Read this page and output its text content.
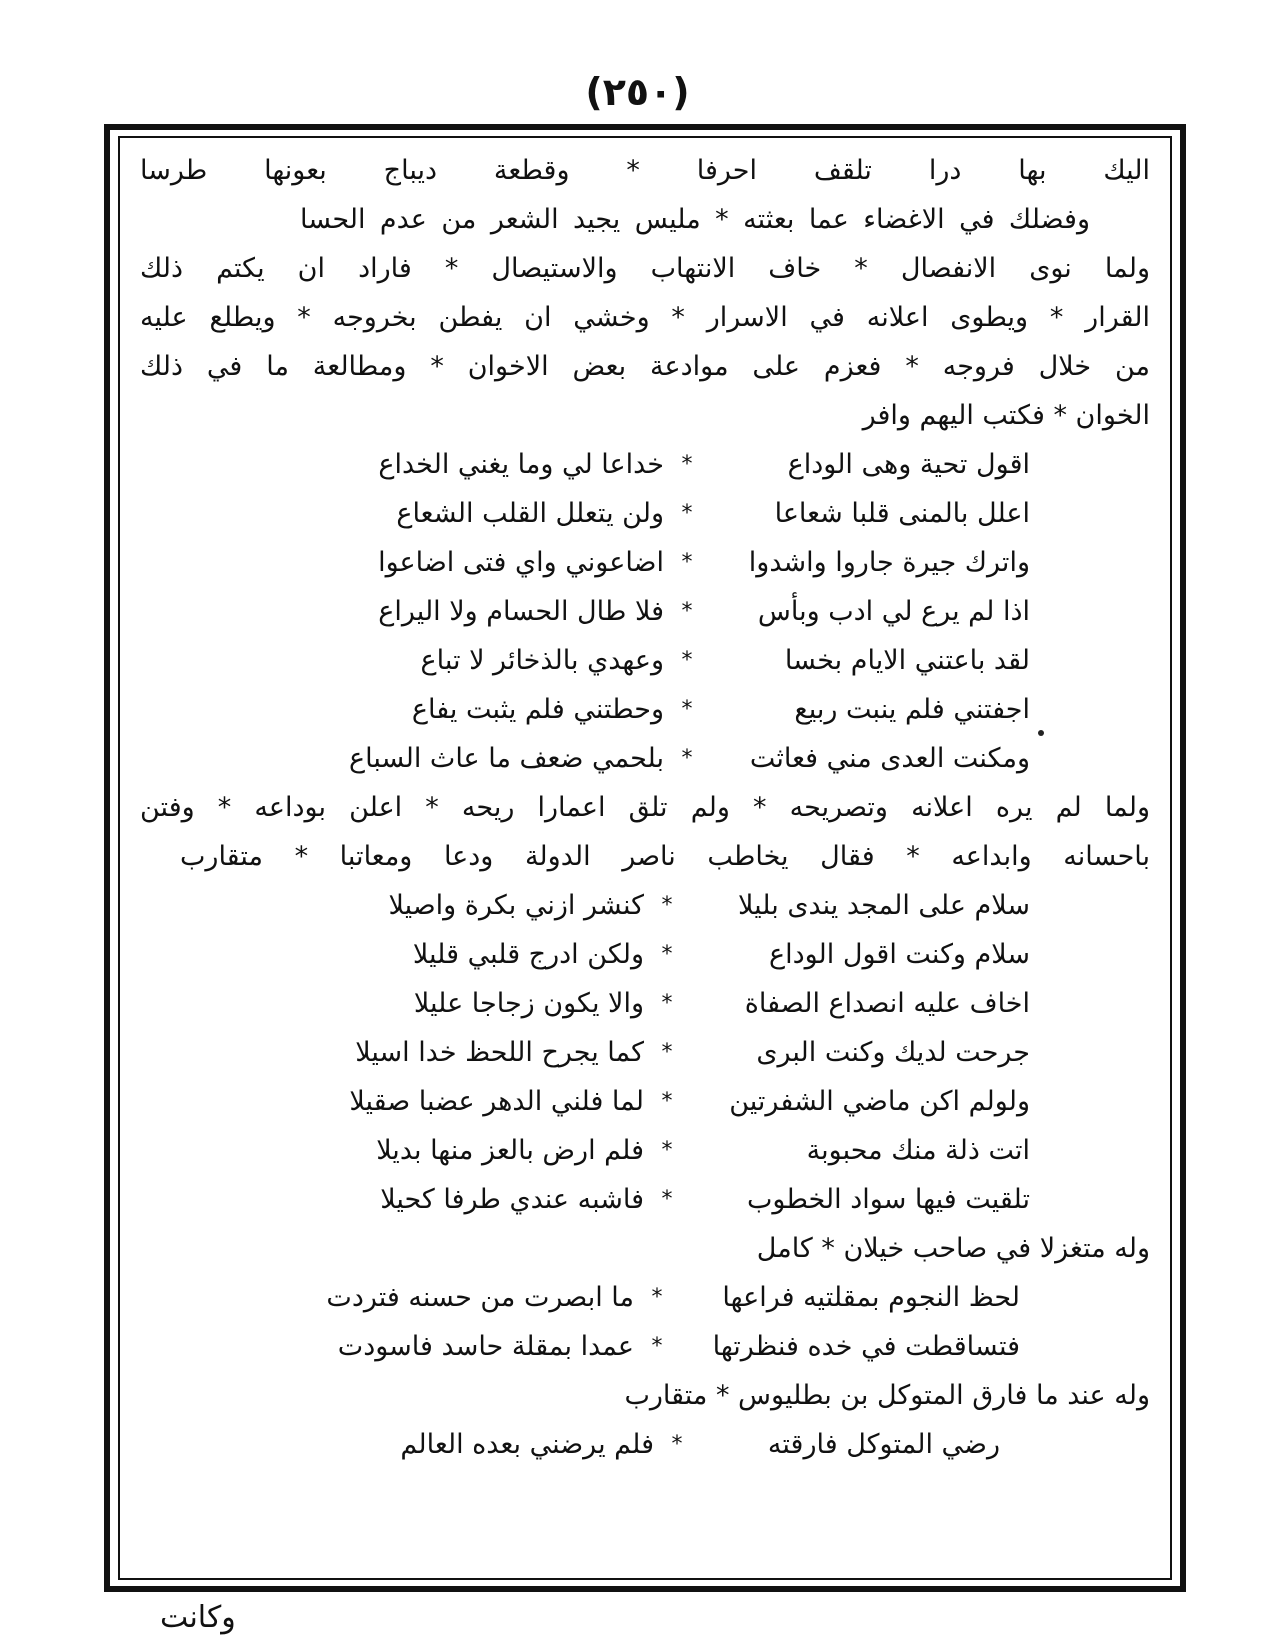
(٢٥٠)
اليك بها درا تلقف احرفا * وقطعة ديباج بعونها طرسا
وفضلك في الاغضاء عما بعثته * مليس يجيد الشعر من عدم الحسا
ولما نوى الانفصال * خاف الانتهاب والاستيصال * فاراد ان يكتم ذلك
القرار * ويطوى اعلانه في الاسرار * وخشي ان يفطن بخروجه * ويطلع عليه
من خلال فروجه * فعزم على موادعة بعض الاخوان * ومطالعة ما في ذلك
الخوان * فكتب اليهم وافر
اقول تحية وهى الوداع
*
خداعا لي وما يغني الخداع
اعلل بالمنى قلبا شعاعا
*
ولن يتعلل القلب الشعاع
واترك جيرة جاروا واشدوا
*
اضاعوني واي فتى اضاعوا
اذا لم يرع لي ادب وبأس
*
فلا طال الحسام ولا اليراع
لقد باعتني الايام بخسا
*
وعهدي بالذخائر لا تباع
اجفتني فلم ينبت ربيع
*
وحطتني فلم يثبت يفاع
ومكنت العدى مني فعاثت
*
بلحمي ضعف ما عاث السباع
ولما لم يره اعلانه وتصريحه * ولم تلق اعمارا ريحه * اعلن بوداعه * وفتن
باحسانه وابداعه * فقال يخاطب ناصر الدولة ودعا ومعاتبا * متقارب
سلام على المجد يندى بليلا
*
كنشر ازني بكرة واصيلا
سلام وكنت اقول الوداع
*
ولكن ادرج قلبي قليلا
اخاف عليه انصداع الصفاة
*
والا يكون زجاجا عليلا
جرحت لديك وكنت البرى
*
كما يجرح اللحظ خدا اسيلا
ولولم اكن ماضي الشفرتين
*
لما فلني الدهر عضبا صقيلا
اتت ذلة منك محبوبة
*
فلم ارض بالعز منها بديلا
تلقيت فيها سواد الخطوب
*
فاشبه عندي طرفا كحيلا
وله متغزلا في صاحب خيلان * كامل
لحظ النجوم بمقلتيه فراعها
*
ما ابصرت من حسنه فتردت
فتساقطت في خده فنظرتها
*
عمدا بمقلة حاسد فاسودت
وله عند ما فارق المتوكل بن بطليوس * متقارب
رضي المتوكل فارقته
*
فلم يرضني بعده العالم
وكانت
